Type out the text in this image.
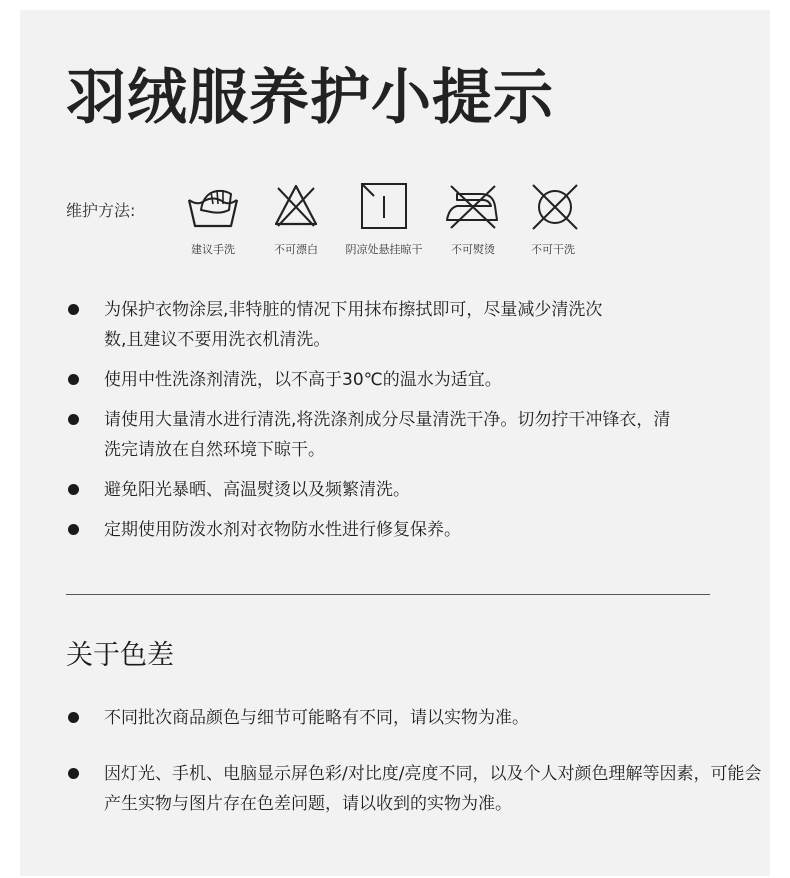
羽绒服养护小提示
维护方法:
建议手洗	不可漂白	阴凉处悬挂晾干	不可熨烫	不可干洗
为保护衣物涂层,非特脏的情况下用抹布擦拭即可，尽量减少清洗次数,且建议不要用洗衣机清洗。
使用中性洗涤剂清洗，以不高于30℃的温水为适宜。
请使用大量清水进行清洗,将洗涤剂成分尽量清洗干净。切勿拧干冲锋衣，清洗完请放在自然环境下晾干。
避免阳光暴晒、高温熨烫以及频繁清洗。
定期使用防泼水剂对衣物防水性进行修复保养。
关于色差
不同批次商品颜色与细节可能略有不同，请以实物为准。
因灯光、手机、电脑显示屏色彩/对比度/亮度不同，以及个人对颜色理解等因素，可能会产生实物与图片存在色差问题，请以收到的实物为准。
